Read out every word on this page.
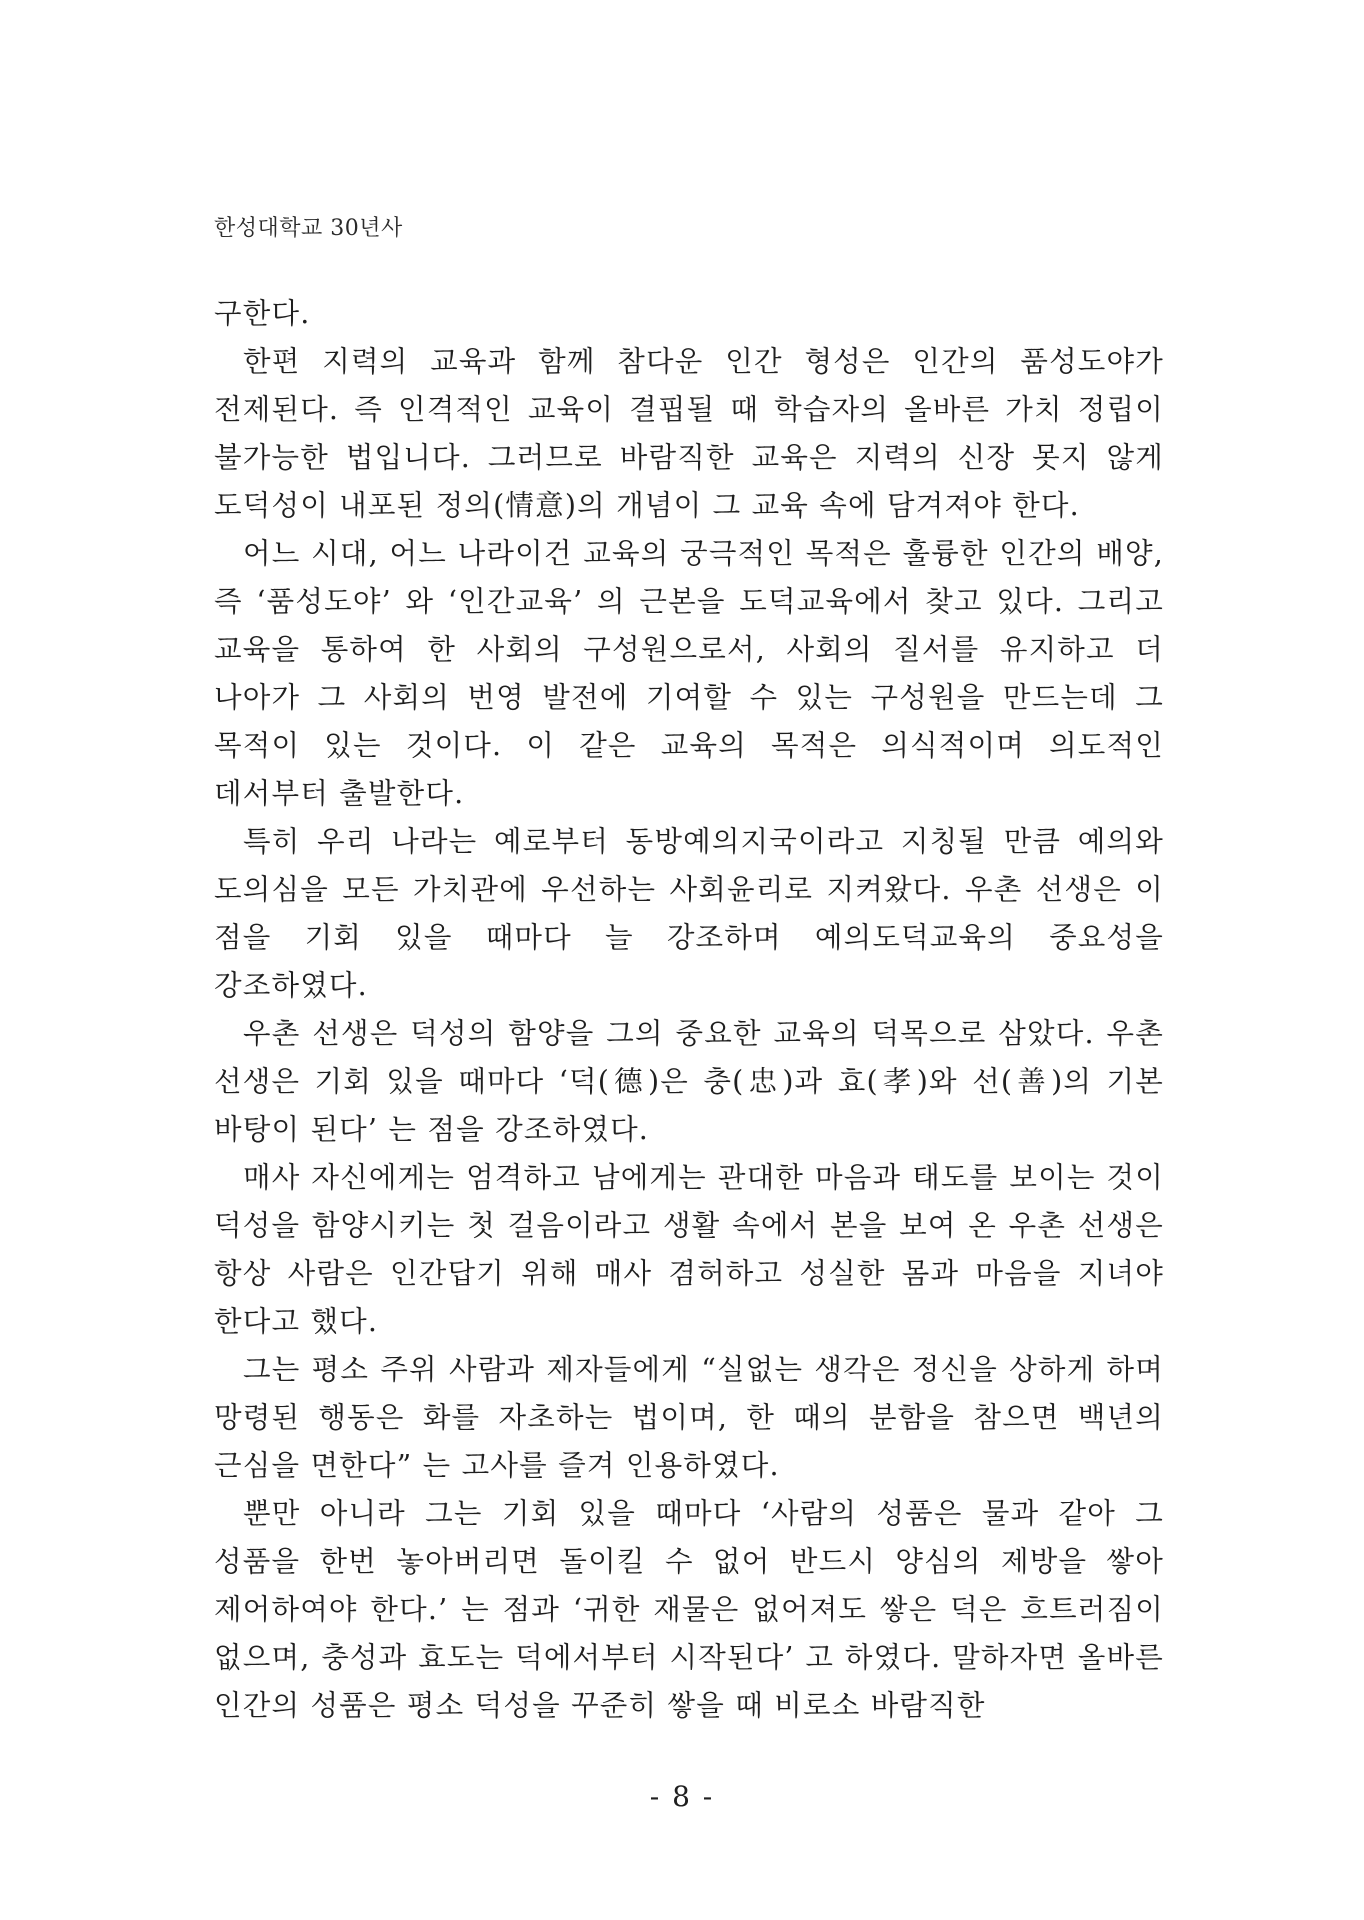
한성대학교 30년사

구한다.

한편 지력의 교육과 함께 참다운 인간 형성은 인간의 품성도야가 전제된다. 즉 인격적인 교육이 결핍될 때 학습자의 올바른 가치 정립이 불가능한 법입니다. 그러므로 바람직한 교육은 지력의 신장 못지 않게 도덕성이 내포된 정의(情意)의 개념이 그 교육 속에 담겨져야 한다.

어느 시대, 어느 나라이건 교육의 궁극적인 목적은 훌륭한 인간의 배양, 즉 ‘품성도야’ 와 ‘인간교육’ 의 근본을 도덕교육에서 찾고 있다. 그리고 교육을 통하여 한 사회의 구성원으로서, 사회의 질서를 유지하고 더 나아가 그 사회의 번영 발전에 기여할 수 있는 구성원을 만드는데 그 목적이 있는 것이다. 이 같은 교육의 목적은 의식적이며 의도적인 데서부터 출발한다.

특히 우리 나라는 예로부터 동방예의지국이라고 지칭될 만큼 예의와 도의심을 모든 가치관에 우선하는 사회윤리로 지켜왔다. 우촌 선생은 이 점을 기회 있을 때마다 늘 강조하며 예의도덕교육의 중요성을 강조하였다.

우촌 선생은 덕성의 함양을 그의 중요한 교육의 덕목으로 삼았다. 우촌 선생은 기회 있을 때마다 ‘덕(德)은 충(忠)과 효(孝)와 선(善)의 기본 바탕이 된다’ 는 점을 강조하였다.

매사 자신에게는 엄격하고 남에게는 관대한 마음과 태도를 보이는 것이 덕성을 함양시키는 첫 걸음이라고 생활 속에서 본을 보여 온 우촌 선생은 항상 사람은 인간답기 위해 매사 겸허하고 성실한 몸과 마음을 지녀야 한다고 했다.

그는 평소 주위 사람과 제자들에게 “실없는 생각은 정신을 상하게 하며 망령된 행동은 화를 자초하는 법이며, 한 때의 분함을 참으면 백년의 근심을 면한다” 는 고사를 즐겨 인용하였다.

뿐만 아니라 그는 기회 있을 때마다 ‘사람의 성품은 물과 같아 그 성품을 한번 놓아버리면 돌이킬 수 없어 반드시 양심의 제방을 쌓아 제어하여야 한다.’ 는 점과 ‘귀한 재물은 없어져도 쌓은 덕은 흐트러짐이 없으며, 충성과 효도는 덕에서부터 시작된다’ 고 하였다. 말하자면 올바른 인간의 성품은 평소 덕성을 꾸준히 쌓을 때 비로소 바람직한

- 8 -
